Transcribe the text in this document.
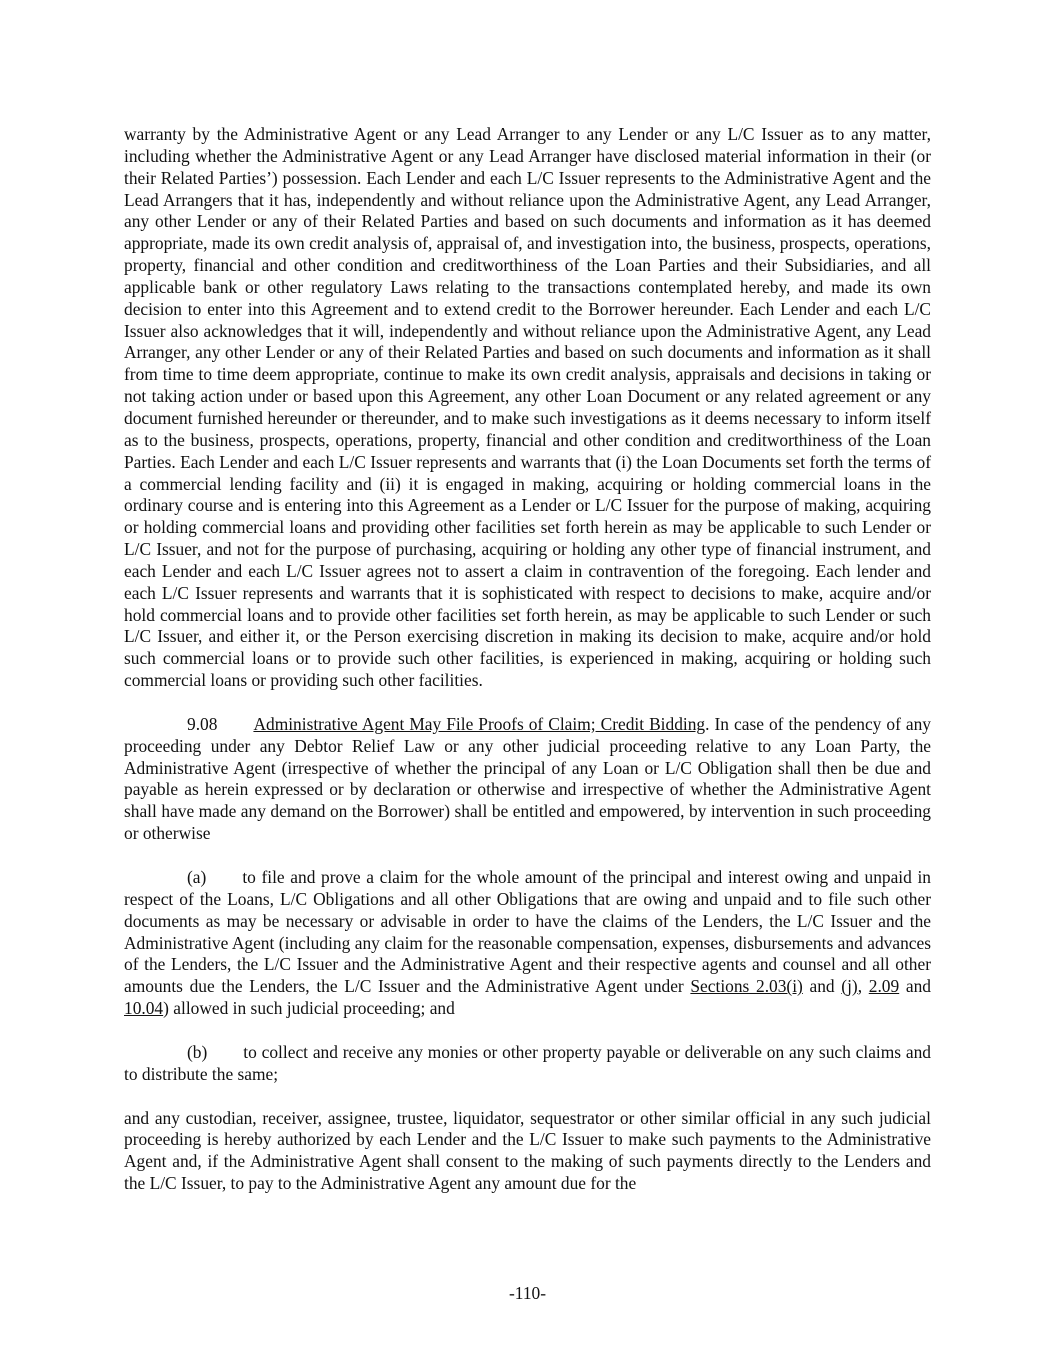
warranty by the Administrative Agent or any Lead Arranger to any Lender or any L/C Issuer as to any matter, including whether the Administrative Agent or any Lead Arranger have disclosed material information in their (or their Related Parties’) possession. Each Lender and each L/C Issuer represents to the Administrative Agent and the Lead Arrangers that it has, independently and without reliance upon the Administrative Agent, any Lead Arranger, any other Lender or any of their Related Parties and based on such documents and information as it has deemed appropriate, made its own credit analysis of, appraisal of, and investigation into, the business, prospects, operations, property, financial and other condition and creditworthiness of the Loan Parties and their Subsidiaries, and all applicable bank or other regulatory Laws relating to the transactions contemplated hereby, and made its own decision to enter into this Agreement and to extend credit to the Borrower hereunder. Each Lender and each L/C Issuer also acknowledges that it will, independently and without reliance upon the Administrative Agent, any Lead Arranger, any other Lender or any of their Related Parties and based on such documents and information as it shall from time to time deem appropriate, continue to make its own credit analysis, appraisals and decisions in taking or not taking action under or based upon this Agreement, any other Loan Document or any related agreement or any document furnished hereunder or thereunder, and to make such investigations as it deems necessary to inform itself as to the business, prospects, operations, property, financial and other condition and creditworthiness of the Loan Parties. Each Lender and each L/C Issuer represents and warrants that (i) the Loan Documents set forth the terms of a commercial lending facility and (ii) it is engaged in making, acquiring or holding commercial loans in the ordinary course and is entering into this Agreement as a Lender or L/C Issuer for the purpose of making, acquiring or holding commercial loans and providing other facilities set forth herein as may be applicable to such Lender or L/C Issuer, and not for the purpose of purchasing, acquiring or holding any other type of financial instrument, and each Lender and each L/C Issuer agrees not to assert a claim in contravention of the foregoing. Each lender and each L/C Issuer represents and warrants that it is sophisticated with respect to decisions to make, acquire and/or hold commercial loans and to provide other facilities set forth herein, as may be applicable to such Lender or such L/C Issuer, and either it, or the Person exercising discretion in making its decision to make, acquire and/or hold such commercial loans or to provide such other facilities, is experienced in making, acquiring or holding such commercial loans or providing such other facilities.

9.08 Administrative Agent May File Proofs of Claim; Credit Bidding. In case of the pendency of any proceeding under any Debtor Relief Law or any other judicial proceeding relative to any Loan Party, the Administrative Agent (irrespective of whether the principal of any Loan or L/C Obligation shall then be due and payable as herein expressed or by declaration or otherwise and irrespective of whether the Administrative Agent shall have made any demand on the Borrower) shall be entitled and empowered, by intervention in such proceeding or otherwise

(a) to file and prove a claim for the whole amount of the principal and interest owing and unpaid in respect of the Loans, L/C Obligations and all other Obligations that are owing and unpaid and to file such other documents as may be necessary or advisable in order to have the claims of the Lenders, the L/C Issuer and the Administrative Agent (including any claim for the reasonable compensation, expenses, disbursements and advances of the Lenders, the L/C Issuer and the Administrative Agent and their respective agents and counsel and all other amounts due the Lenders, the L/C Issuer and the Administrative Agent under Sections 2.03(i) and (j), 2.09 and 10.04) allowed in such judicial proceeding; and

(b) to collect and receive any monies or other property payable or deliverable on any such claims and to distribute the same;

and any custodian, receiver, assignee, trustee, liquidator, sequestrator or other similar official in any such judicial proceeding is hereby authorized by each Lender and the L/C Issuer to make such payments to the Administrative Agent and, if the Administrative Agent shall consent to the making of such payments directly to the Lenders and the L/C Issuer, to pay to the Administrative Agent any amount due for the

-110-
